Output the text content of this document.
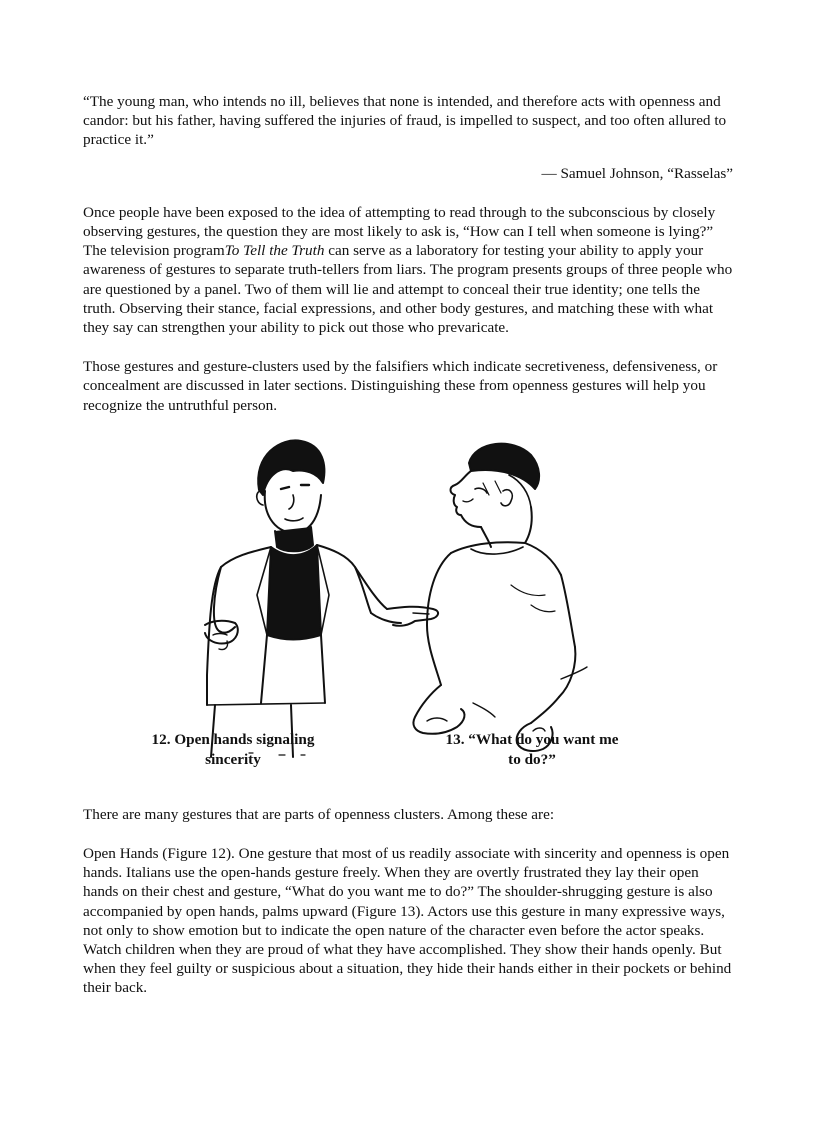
“The young man, who intends no ill, believes that none is intended, and therefore acts with openness and candor: but his father, having suffered the injuries of fraud, is impelled to suspect, and too often allured to practice it.”

— Samuel Johnson, “Rasselas”

Once people have been exposed to the idea of attempting to read through to the subconscious by closely observing gestures, the question they are most likely to ask is, “How can I tell when someone is lying?” The television programTo Tell the Truth can serve as a laboratory for testing your ability to apply your awareness of gestures to separate truth-tellers from liars. The program presents groups of three people who are questioned by a panel. Two of them will lie and attempt to conceal their true identity; one tells the truth. Observing their stance, facial expressions, and other body gestures, and matching these with what they say can strengthen your ability to pick out those who prevaricate.

Those gestures and gesture-clusters used by the falsifiers which indicate secretiveness, defensiveness, or concealment are discussed in later sections. Distinguishing these from openness gestures will help you recognize the untruthful person.

12. Open hands signaling
sincerity
13. “What do you want me
to do?”

There are many gestures that are parts of openness clusters. Among these are:

Open Hands (Figure 12). One gesture that most of us readily associate with sincerity and openness is open hands. Italians use the open-hands gesture freely. When they are overtly frustrated they lay their open hands on their chest and gesture, “What do you want me to do?” The shoulder-shrugging gesture is also accompanied by open hands, palms upward (Figure 13). Actors use this gesture in many expressive ways, not only to show emotion but to indicate the open nature of the character even before the actor speaks. Watch children when they are proud of what they have accomplished. They show their hands openly. But when they feel guilty or suspicious about a situation, they hide their hands either in their pockets or behind their back.
